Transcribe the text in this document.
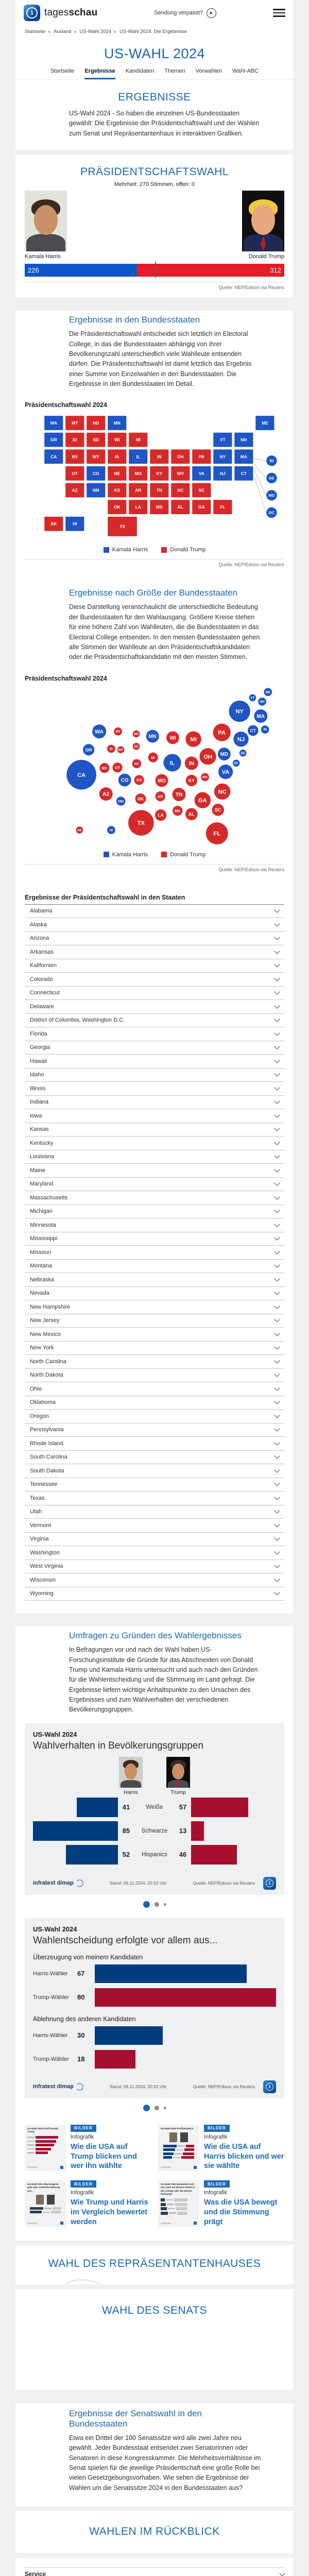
1	tagesschau	Sendung verpasst?	▶
Startseite ▸ Ausland ▸ US-Wahl 2024 ▸ US-Wahl 2024: Die Ergebnisse
US-WAHL 2024
Startseite Ergebnisse Kandidaten Themen Vorwahlen Wahl-ABC
ERGEBNISSE

US-Wahl 2024 - So haben die einzelnen US-Bundesstaaten gewählt: Die Ergebnisse der Präsidentschaftswahl und der Wahlen zum Senat und Repräsentantenhaus in interaktiven Grafiken.

PRÄSIDENTSCHAFTSWAHL
Mehrheit: 270 Stimmen, offen: 0
Kamala Harris	Donald Trump
226	312
Quelle: NEP/Edison via Reuters
Ergebnisse in den Bundesstaaten

Die Präsidentschaftswahl entscheidet sich letztlich im Electoral College, in das die Bundesstaaten abhängig von ihrer Bevölkerungszahl unterschiedlich viele Wahlleute entsenden dürfen. Die Präsidentschaftswahl ist damit letztlich das Ergebnis einer Summe von Einzelwahlen in den Bundesstaaten. Die Ergebnisse in den Bundesstaaten im Detail.

Präsidentschaftswahl 2024
WA	MT	ND	MN	ME
OR	ID	SD	WI	MI	VT	NH
CA	NV	WY	IA	IL	IN	OH	PA	NY	MA
UT	CO	NE	MO	KY	WV	VA	NJ	CT
AZ	NM	KS	AR	TN	NC	SC
OK	LA	MS	AL	GA	FL
AK	HI
TX
RI
DE
MD
DC
Kamala Harris	Donald Trump
Quelle: NEP/Edison via Reuters
Ergebnisse nach Größe der Bundesstaaten

Diese Darstellung veranschaulicht die unterschiedliche Bedeutung der Bundesstaaten für den Wahlausgang. Größere Kreise stehen für eine höhere Zahl von Wahlleuten, die die Bundesstaaten in das Electoral College entsenden. In den meisten Bundesstaaten gehen alle Stimmen der Wahlleute an den Präsidentschaftskandidaten oder die Präsidentschaftskandidatin mit den meisten Stimmen.

Präsidentschaftswahl 2024
ME
VT
NH
NY
MA
CT RI
PA
NJ
DE
MD
DC
WA
OR
CA
MT
ID WY
ND
SD
NE
NV UT
CO KS
AZ
NM
OK
TX
MN
IA
MO
AR
LA
WI
IL
MS
MI
IN
OH
KY
WV
VA
TN	NC
SC
GA
AL
FL
AK	HI
Kamala Harris	Donald Trump
Quelle: NEP/Edison via Reuters
Ergebnisse der Präsidentschaftswahl in den Staaten
Alabama
Alaska
Arizona
Arkansas
Kalifornien
Colorado
Connecticut
Delaware
District of Columbia, Washington D.C.
Florida
Georgia
Hawaii
Idaho
Illinois
Indiana
Iowa
Kansas
Kentucky
Louisiana
Maine
Maryland
Massachusetts
Michigan
Minnesota
Mississippi
Missouri
Montana
Nebraska
Nevada
New Hampshire
New Jersey
New Mexico
New York
North Carolina
North Dakota
Ohio
Oklahoma
Oregon
Pennsylvania
Rhode Island
South Carolina
South Dakota
Tennessee
Texas
Utah
Vermont
Virginia
Washington
West Virginia
Wisconsin
Wyoming
Umfragen zu Gründen des Wahlergebnisses

In Befragungen vor und nach der Wahl haben US-Forschungsinstitute die Gründe für das Abschneiden von Donald Trump und Kamala Harris untersucht und auch nach den Gründen für die Wahlentscheidung und die Stimmung im Land gefragt. Die Ergebnisse liefern wichtige Anhaltspunkte zu den Ursachen des Ergebnisses und zum Wahlverhalten der verschiedenen Bevölkerungsgruppen.

US-Wahl 2024
Wahlverhalten in Bevölkerungsgruppen
Harris	Trump
41	Weiße	57
85	Schwarze	13
52	Hispanics	46
infratest dimap	Stand: 06.11.2024, 20:52 Uhr	Quelle: NEP/Edison via Reuters	1
US-Wahl 2024
Wahlentscheidung erfolgte vor allem aus...
Überzeugung von meinem Kandidaten
Harris-Wähler	67
Trump-Wähler	80
Ablehnung des anderen Kandidaten
Harris-Wähler	30
Trump-Wähler	18
infratest dimap	Stand: 06.11.2024, 20:52 Uhr	Quelle: NEP/Edison via Reuters	1
US-Wahl 2024 Profil Donald Trump
BILDER
Infografik
Wie die USA auf Trump blicken und wer ihn wählte
US-Wahl 2024 Profilvergleich	BILDER
Infografik
Wie die USA auf Harris blicken und wer sie wählte
US-Wahl 2024 Überwiegend gute oder schlechte Meinung von...
BILDER
Infografik
Wie Trump und Harris im Vergleich bewertet werden
US-Wahl 2024 Entwickelt sich das Land auf diesem Gebiet in die richtige oder die falsche Richtung?
BILDER
Infografik
Was die USA bewegt und die Stimmung prägt
WAHL DES REPRÄSENTANTENHAUSES
WAHL DES SENATS
Ergebnisse der Senatswahl in den Bundesstaaten

Etwa ein Drittel der 100 Senatssitze wird alle zwei Jahre neu gewählt. Jeder Bundesstaat entsendet zwei Senatorinnen oder Senatoren in diese Kongresskammer. Die Mehrheitsverhältnisse im Senat spielen für die jeweilige Präsidentschaft eine große Rolle bei vielen Gesetzgebungsvorhaben. Wie sehen die Ergebnisse der Wahlen um die Senatssitze 2024 in den Bundesstaaten aus?

WAHLEN IM RÜCKBLICK
Service
